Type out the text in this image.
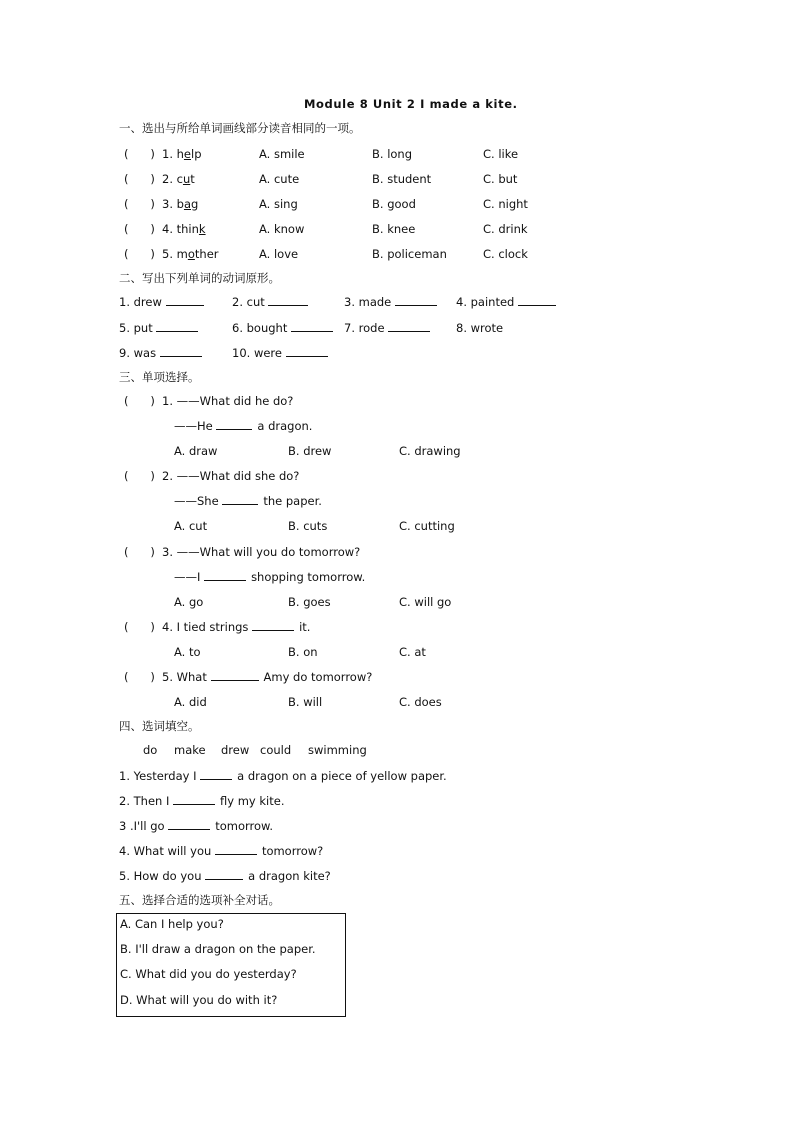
Module 8 Unit 2 I made a kite.
一、选出与所给单词画线部分读音相同的一项。
(      ) 1. help	A. smile	B. long	C. like
(      ) 2. cut	A. cute	B. student	C. but
(      ) 3. bag	A. sing	B. good	C. night
(      ) 4. think	A. know	B. knee	C. drink
(      ) 5. mother	A. love	B. policeman	C. clock
二、写出下列单词的动词原形。
1. drew	2. cut	3. made	4. painted
5. put	6. bought	7. rode	8. wrote
9. was	10. were
三、单项选择。
(      ) 1. ——What did he do?
——He	a dragon.
A. draw	B. drew	C. drawing
(      ) 2. ——What did she do?
——She	the paper.
A. cut	B. cuts	C. cutting
(      ) 3. ——What will you do tomorrow?
——I	shopping tomorrow.
A. go	B. goes	C. will go
(      ) 4. I tied strings	it.
A. to	B. on	C. at
(      ) 5. What	Amy do tomorrow?
A. did	B. will	C. does
四、选词填空。
do make drew could swimming
1. Yesterday I	a dragon on a piece of yellow paper.
2. Then I	fly my kite.
3 .I'll go	tomorrow.
4. What will you	tomorrow?
5. How do you	a dragon kite?
五、选择合适的选项补全对话。
A. Can I help you?
B. I'll draw a dragon on the paper.
C. What did you do yesterday?
D. What will you do with it?
